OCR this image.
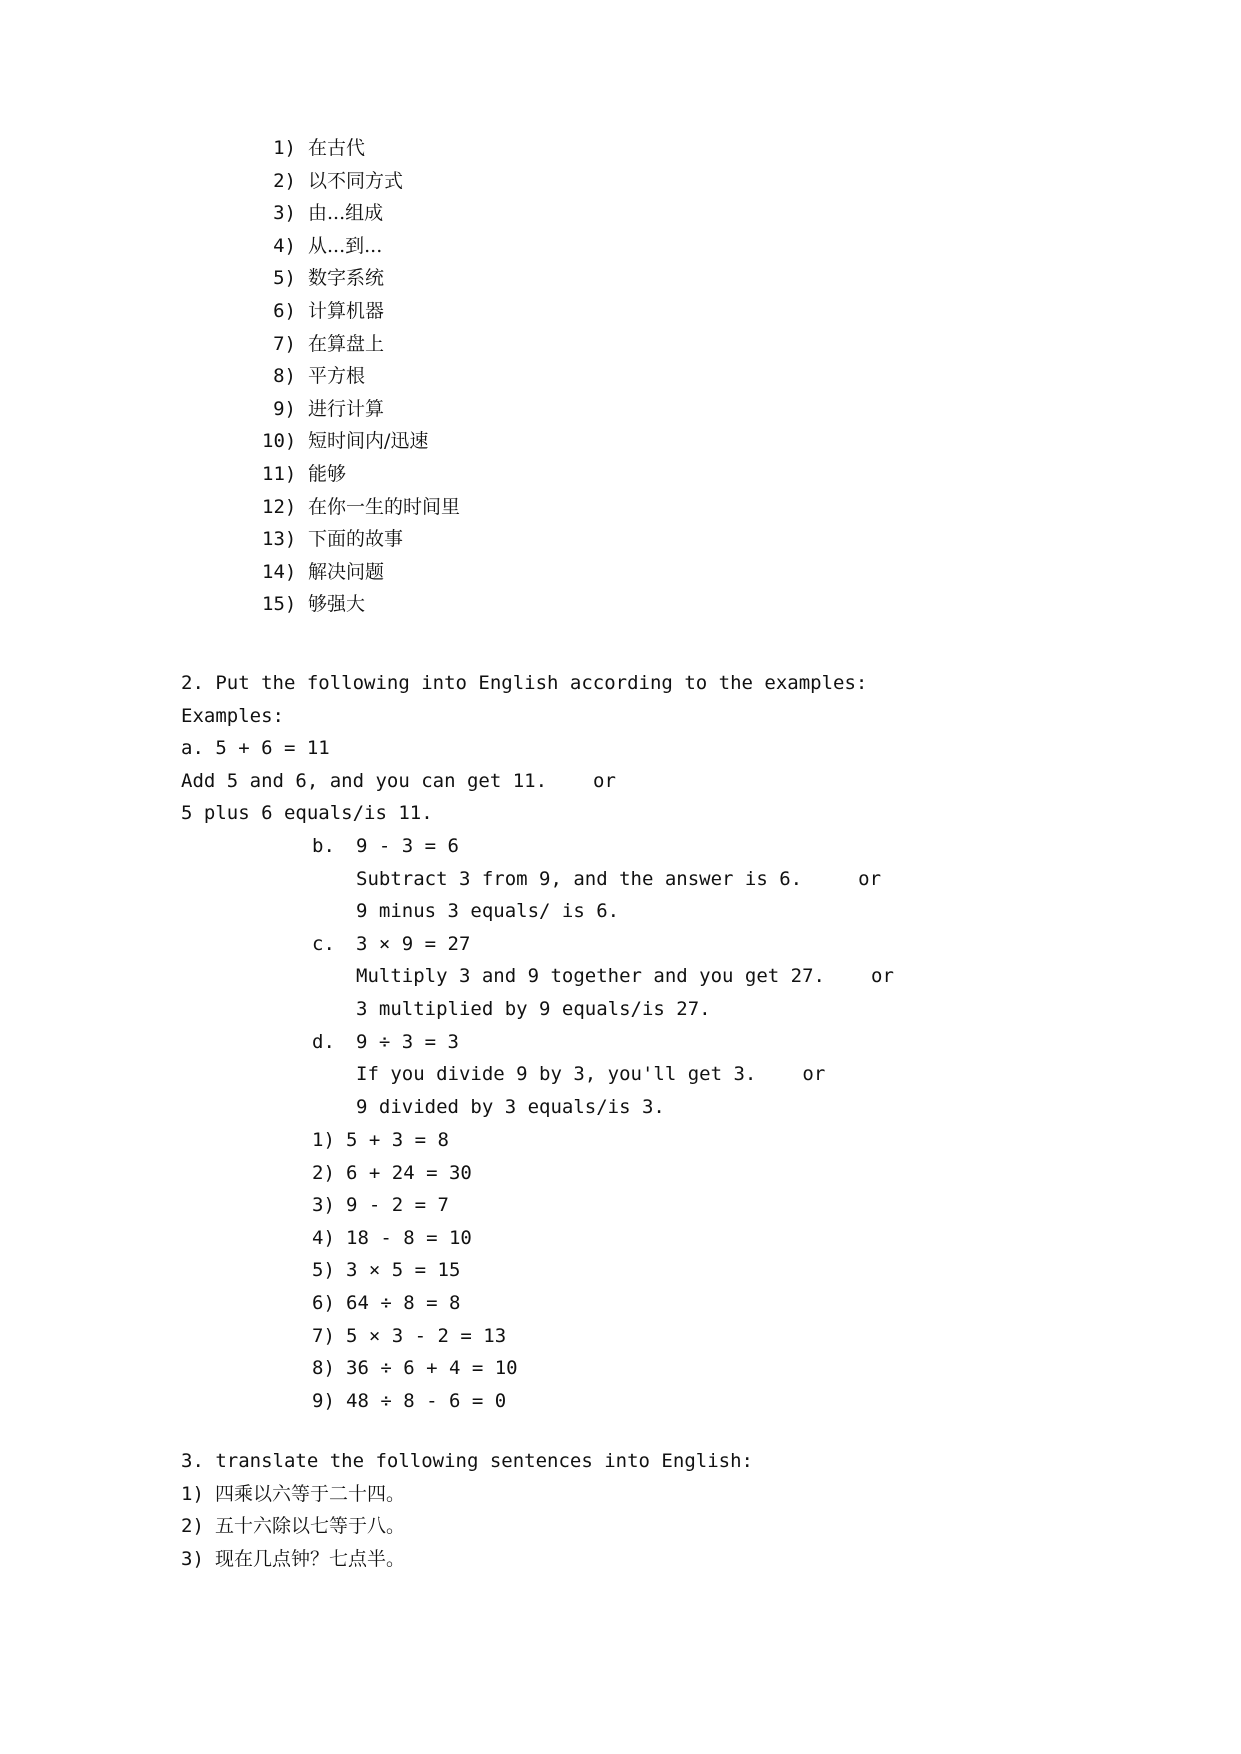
1) 在古代
2) 以不同方式
3) 由...组成
4) 从...到...
5) 数字系统
6) 计算机器
7) 在算盘上
8) 平方根
9) 进行计算
10) 短时间内/迅速
11) 能够
12) 在你一生的时间里
13) 下面的故事
14) 解决问题
15) 够强大
2. Put the following into English according to the examples:
Examples:
a. 5 + 6 = 11
Add 5 and 6, and you can get 11. or
5 plus 6 equals/is 11.
b.	9 - 3 = 6
Subtract 3 from 9, and the answer is 6.	or
9 minus 3 equals/ is 6.
c.	3 × 9 = 27
Multiply 3 and 9 together and you get 27. or
3 multiplied by 9 equals/is 27.
d.	9 ÷ 3 = 3
If you divide 9 by 3, you'll get 3. or
9 divided by 3 equals/is 3.
1) 5 + 3 = 8
2) 6 + 24 = 30
3) 9 - 2 = 7
4) 18 - 8 = 10
5) 3 × 5 = 15
6) 64 ÷ 8 = 8
7) 5 × 3 - 2 = 13
8) 36 ÷ 6 + 4 = 10
9) 48 ÷ 8 - 6 = 0
3. translate the following sentences into English:
1) 四乘以六等于二十四。
2) 五十六除以七等于八。
3) 现在几点钟？七点半。
